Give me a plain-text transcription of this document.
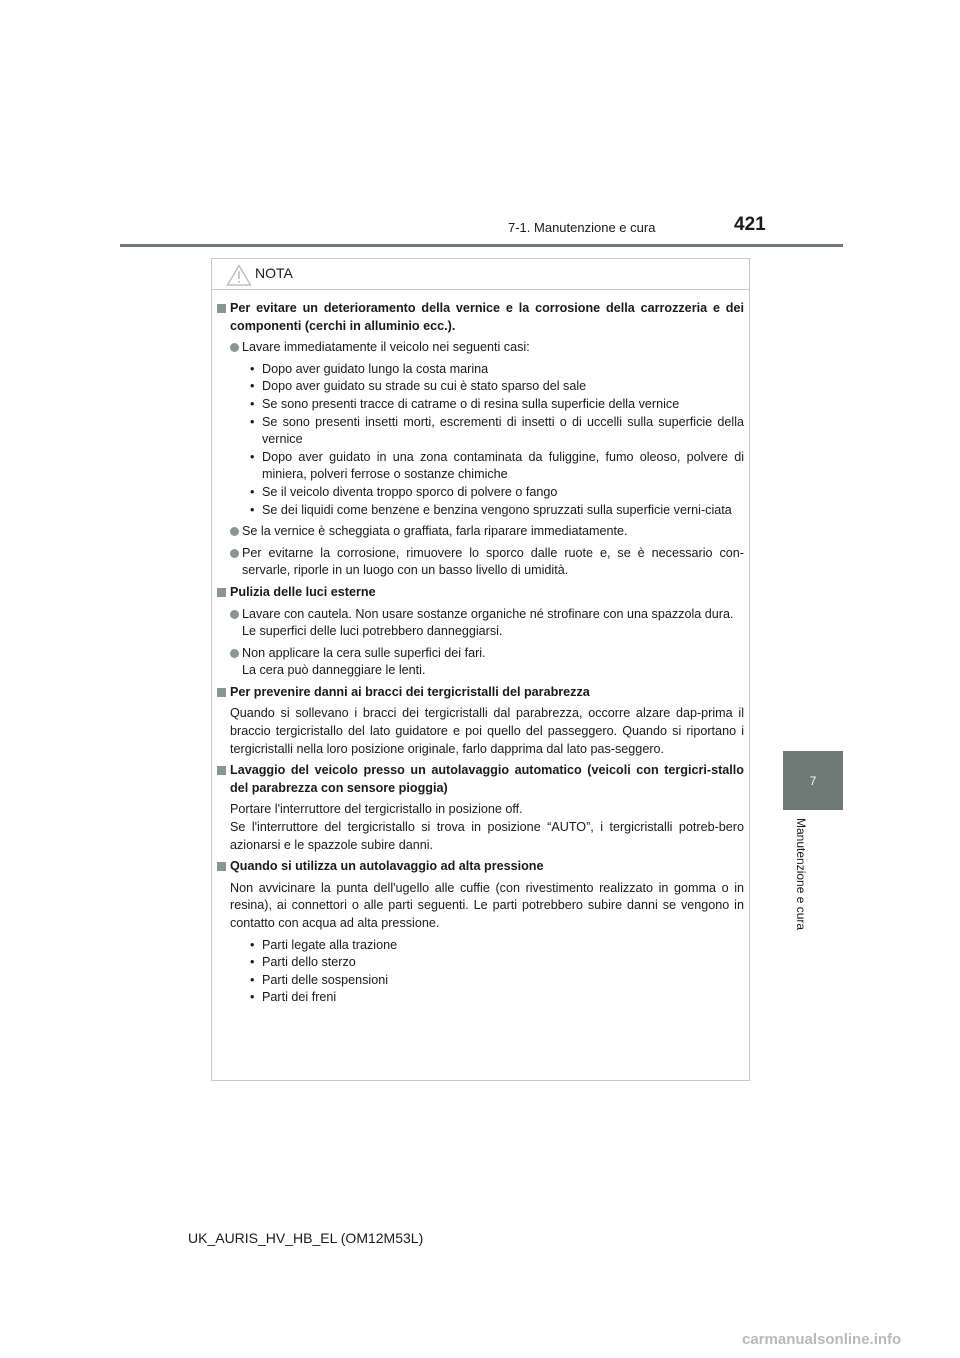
7-1. Manutenzione e cura	421
7
Manutenzione e cura
NOTA
Per evitare un deterioramento della vernice e la corrosione della carrozzeria e dei componenti (cerchi in alluminio ecc.).
Lavare immediatamente il veicolo nei seguenti casi:
• Dopo aver guidato lungo la costa marina
• Dopo aver guidato su strade su cui è stato sparso del sale
• Se sono presenti tracce di catrame o di resina sulla superficie della vernice
• Se sono presenti insetti morti, escrementi di insetti o di uccelli sulla superficie della vernice
• Dopo aver guidato in una zona contaminata da fuliggine, fumo oleoso, polvere di miniera, polveri ferrose o sostanze chimiche
• Se il veicolo diventa troppo sporco di polvere o fango
• Se dei liquidi come benzene e benzina vengono spruzzati sulla superficie verni-ciata
Se la vernice è scheggiata o graffiata, farla riparare immediatamente.
Per evitarne la corrosione, rimuovere lo sporco dalle ruote e, se è necessario con-servarle, riporle in un luogo con un basso livello di umidità.
Pulizia delle luci esterne
Lavare con cautela. Non usare sostanze organiche né strofinare con una spazzola dura.
Le superfici delle luci potrebbero danneggiarsi.
Non applicare la cera sulle superfici dei fari.
La cera può danneggiare le lenti.
Per prevenire danni ai bracci dei tergicristalli del parabrezza
Quando si sollevano i bracci dei tergicristalli dal parabrezza, occorre alzare dap-prima il braccio tergicristallo del lato guidatore e poi quello del passeggero. Quando si riportano i tergicristalli nella loro posizione originale, farlo dapprima dal lato pas-seggero.
Lavaggio del veicolo presso un autolavaggio automatico (veicoli con tergicri-stallo del parabrezza con sensore pioggia)
Portare l'interruttore del tergicristallo in posizione off.
Se l'interruttore del tergicristallo si trova in posizione “AUTO”, i tergicristalli potreb-bero azionarsi e le spazzole subire danni.
Quando si utilizza un autolavaggio ad alta pressione
Non avvicinare la punta dell'ugello alle cuffie (con rivestimento realizzato in gomma o in resina), ai connettori o alle parti seguenti. Le parti potrebbero subire danni se vengono in contatto con acqua ad alta pressione.
• Parti legate alla trazione
• Parti dello sterzo
• Parti delle sospensioni
• Parti dei freni
UK_AURIS_HV_HB_EL (OM12M53L)
carmanualsonline.info
